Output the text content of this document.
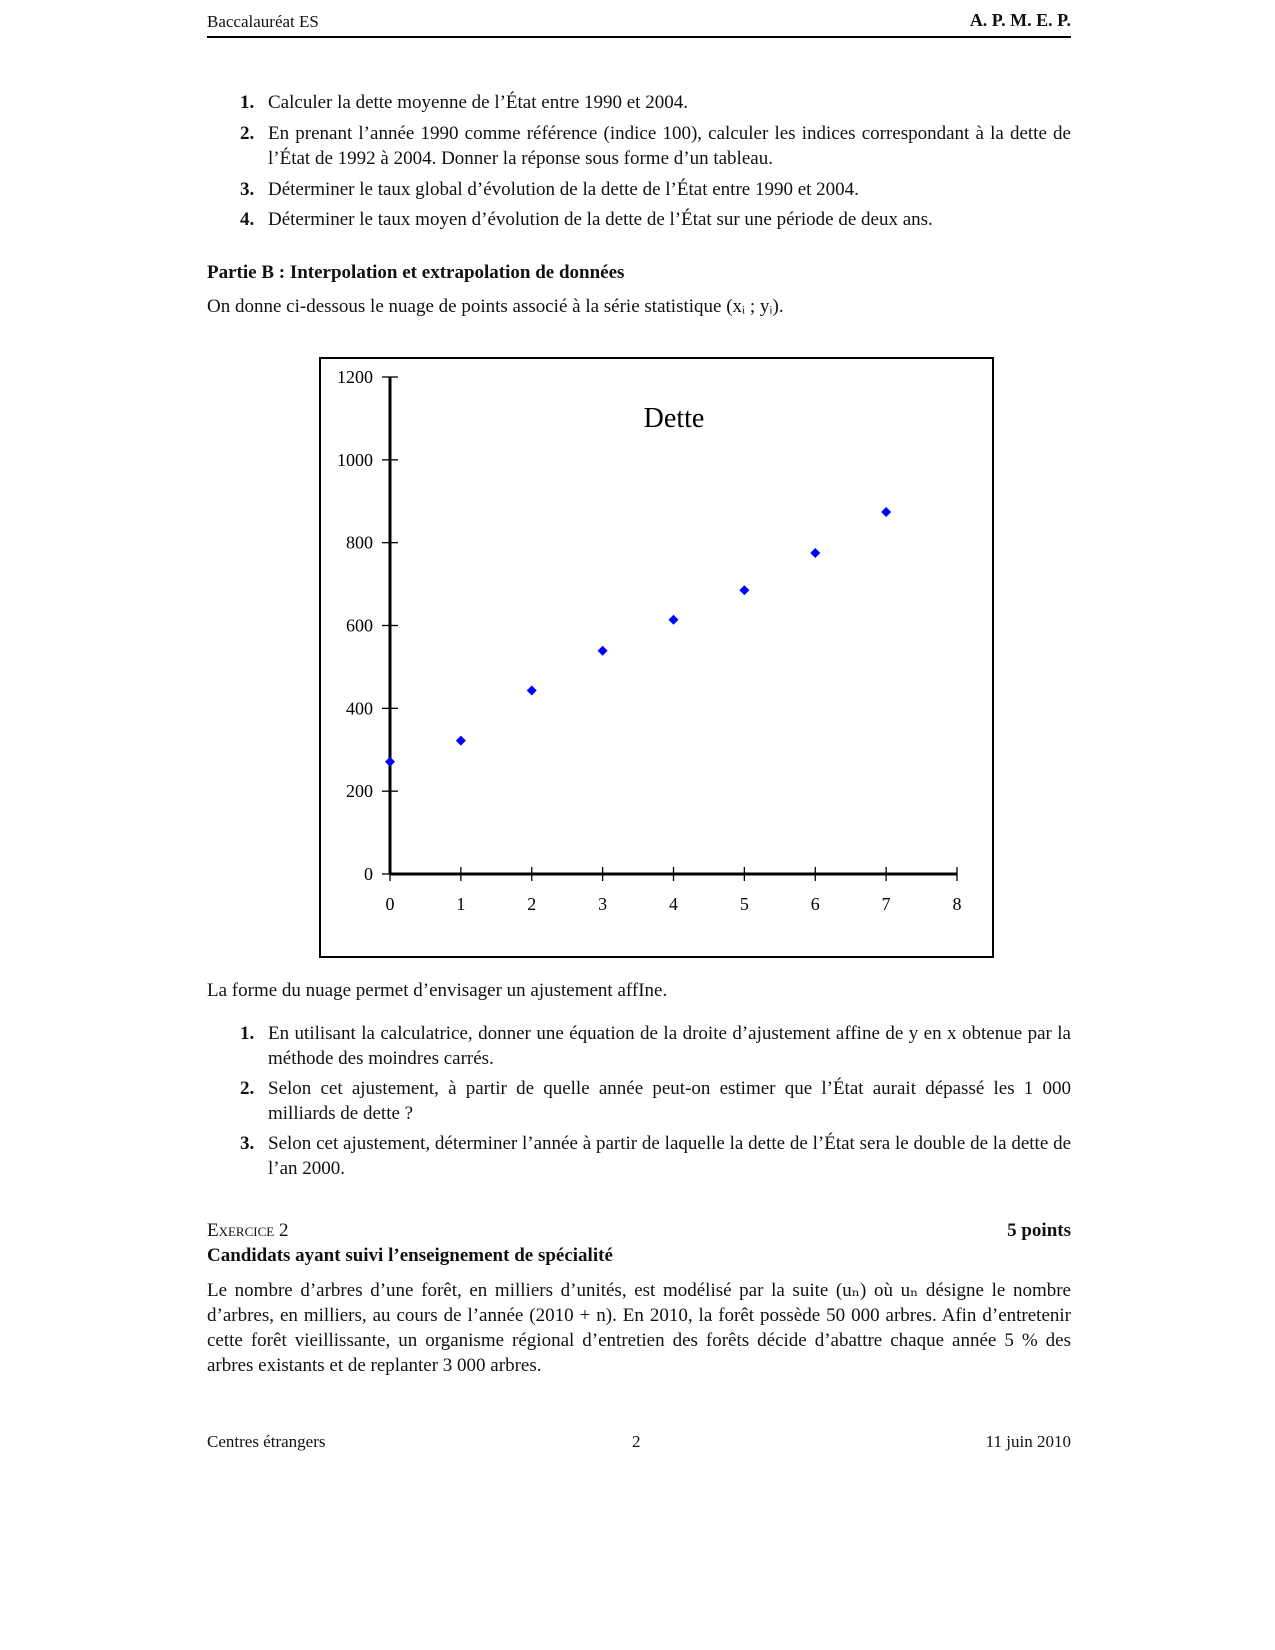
Baccalauréat ES	A. P. M. E. P.
1. Calculer la dette moyenne de l’État entre 1990 et 2004.
2. En prenant l’année 1990 comme référence (indice 100), calculer les indices correspondant à la dette de l’État de 1992 à 2004. Donner la réponse sous forme d’un tableau.
3. Déterminer le taux global d’évolution de la dette de l’État entre 1990 et 2004.
4. Déterminer le taux moyen d’évolution de la dette de l’État sur une période de deux ans.
Partie B : Interpolation et extrapolation de données
On donne ci-dessous le nuage de points associé à la série statistique (xᵢ ; yᵢ).
Dette
0
200
400
600
800
1000
1200
0	1	2	3	4	5	6	7	8
La forme du nuage permet d’envisager un ajustement affIne.
1. En utilisant la calculatrice, donner une équation de la droite d’ajustement affine de y en x obtenue par la méthode des moindres carrés.
2. Selon cet ajustement, à partir de quelle année peut-on estimer que l’État aurait dépassé les 1 000 milliards de dette ?
3. Selon cet ajustement, déterminer l’année à partir de laquelle la dette de l’État sera le double de la dette de l’an 2000.
Exercice 2	5 points
Candidats ayant suivi l’enseignement de spécialité
Le nombre d’arbres d’une forêt, en milliers d’unités, est modélisé par la suite (uₙ) où uₙ désigne le nombre d’arbres, en milliers, au cours de l’année (2010 + n). En 2010, la forêt possède 50 000 arbres. Afin d’entretenir cette forêt vieillissante, un organisme régional d’entretien des forêts décide d’abattre chaque année 5 % des arbres existants et de replanter 3 000 arbres.
Centres étrangers	2	11 juin 2010
